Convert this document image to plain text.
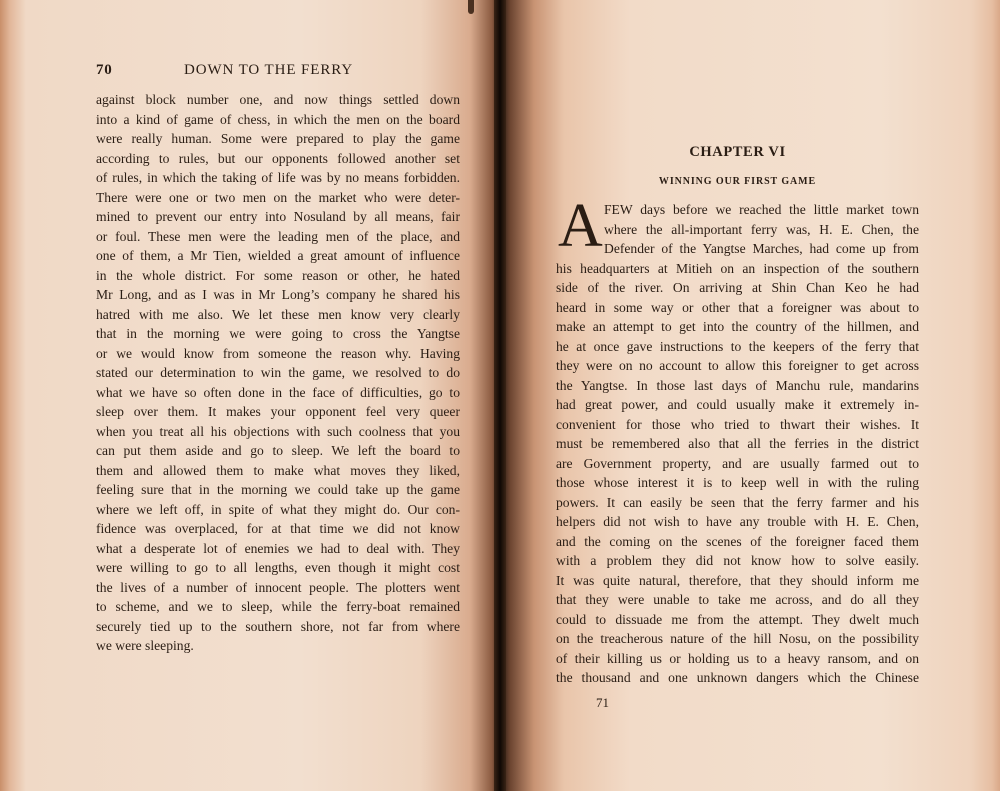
70	DOWN TO THE FERRY
against block number one, and now things settled down
into a kind of game of chess, in which the men on the board
were really human. Some were prepared to play the game
according to rules, but our opponents followed another set
of rules, in which the taking of life was by no means forbidden.
There were one or two men on the market who were deter-
mined to prevent our entry into Nosuland by all means, fair
or foul. These men were the leading men of the place, and
one of them, a Mr Tien, wielded a great amount of influence
in the whole district. For some reason or other, he hated
Mr Long, and as I was in Mr Long’s company he shared his
hatred with me also. We let these men know very clearly
that in the morning we were going to cross the Yangtse
or we would know from someone the reason why. Having
stated our determination to win the game, we resolved to do
what we have so often done in the face of difficulties, go to
sleep over them. It makes your opponent feel very queer
when you treat all his objections with such coolness that you
can put them aside and go to sleep. We left the board to
them and allowed them to make what moves they liked,
feeling sure that in the morning we could take up the game
where we left off, in spite of what they might do. Our con-
fidence was overplaced, for at that time we did not know
what a desperate lot of enemies we had to deal with. They
were willing to go to all lengths, even though it might cost
the lives of a number of innocent people. The plotters went
to scheme, and we to sleep, while the ferry-boat remained
securely tied up to the southern shore, not far from where
we were sleeping.
CHAPTER VI
WINNING OUR FIRST GAME
A FEW days before we reached the little market town
where the all-important ferry was, H. E. Chen, the
Defender of the Yangtse Marches, had come up from
his headquarters at Mitieh on an inspection of the southern
side of the river. On arriving at Shin Chan Keo he had
heard in some way or other that a foreigner was about to
make an attempt to get into the country of the hillmen, and
he at once gave instructions to the keepers of the ferry that
they were on no account to allow this foreigner to get across
the Yangtse. In those last days of Manchu rule, mandarins
had great power, and could usually make it extremely in-
convenient for those who tried to thwart their wishes. It
must be remembered also that all the ferries in the district
are Government property, and are usually farmed out to
those whose interest it is to keep well in with the ruling
powers. It can easily be seen that the ferry farmer and his
helpers did not wish to have any trouble with H. E. Chen,
and the coming on the scenes of the foreigner faced them
with a problem they did not know how to solve easily.
It was quite natural, therefore, that they should inform me
that they were unable to take me across, and do all they
could to dissuade me from the attempt. They dwelt much
on the treacherous nature of the hill Nosu, on the possibility
of their killing us or holding us to a heavy ransom, and on
the thousand and one unknown dangers which the Chinese
71
